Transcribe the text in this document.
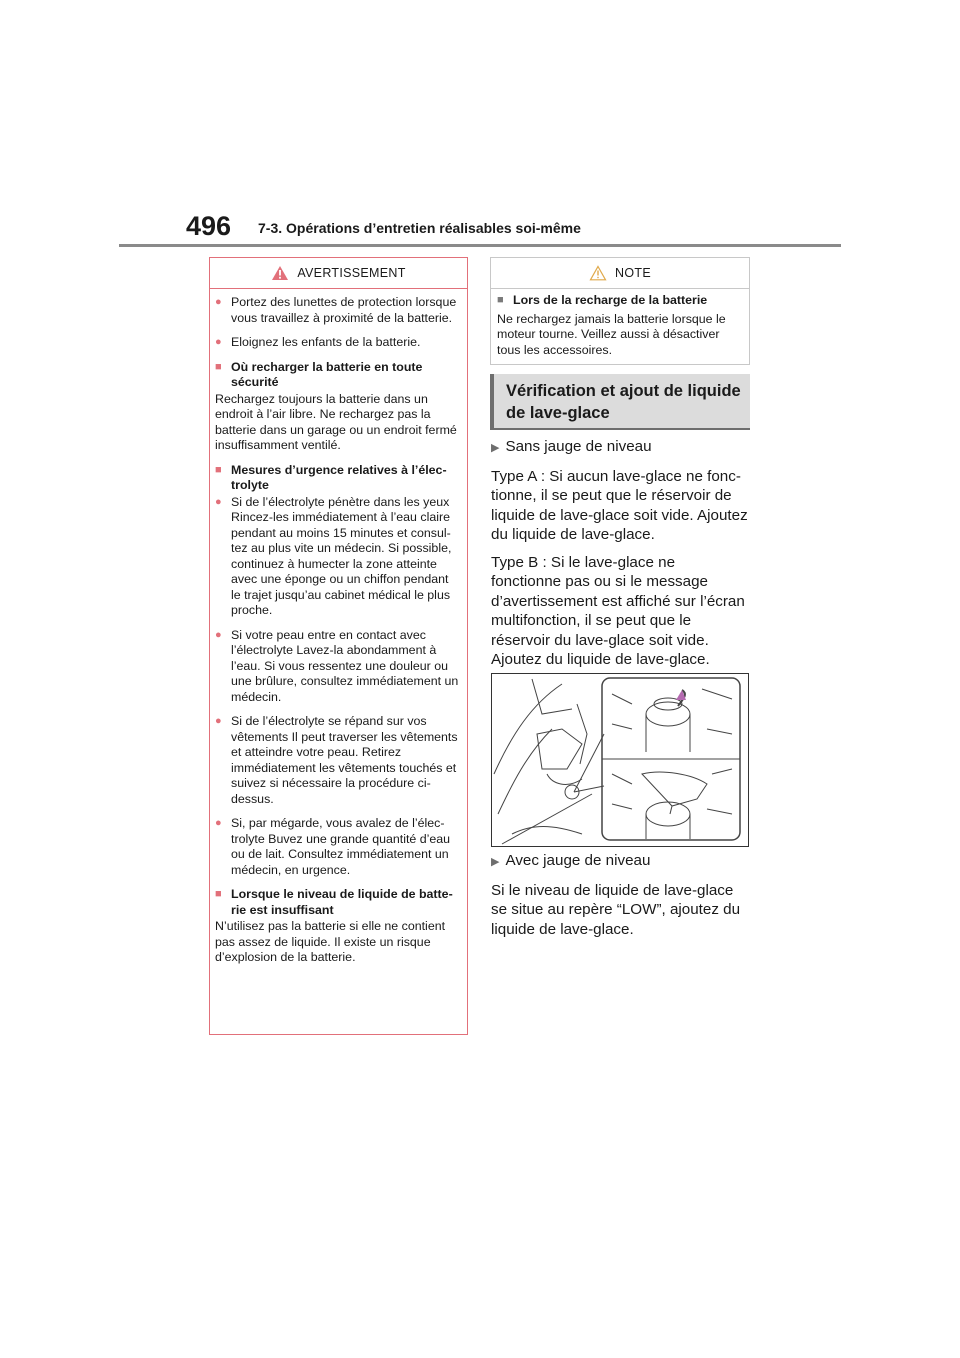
496 7-3. Opérations d’entretien réalisables soi-même
AVERTISSEMENT
● Portez des lunettes de protection lorsque vous travaillez à proximité de la batterie.
● Eloignez les enfants de la batterie.
■ Où recharger la batterie en toute sécurité

Rechargez toujours la batterie dans un endroit à l’air libre. Ne rechargez pas la batterie dans un garage ou un endroit fermé insuffisamment ventilé.

■ Mesures d’urgence relatives à l’électrolyte
● Si de l’électrolyte pénètre dans les yeux Rincez-les immédiatement à l’eau claire pendant au moins 15 minutes et consultez au plus vite un médecin. Si possible, continuez à humecter la zone atteinte avec une éponge ou un chiffon pendant le trajet jusqu’au cabinet médical le plus proche.
● Si votre peau entre en contact avec l’électrolyte Lavez-la abondamment à l’eau. Si vous ressentez une douleur ou une brûlure, consultez immédiatement un médecin.
● Si de l’électrolyte se répand sur vos vêtements Il peut traverser les vêtements et atteindre votre peau. Retirez immédiatement les vêtements touchés et suivez si nécessaire la procédure ci-dessus.
● Si, par mégarde, vous avalez de l’électrolyte Buvez une grande quantité d’eau ou de lait. Consultez immédiatement un médecin, en urgence.
■ Lorsque le niveau de liquide de batterie est insuffisant

N’utilisez pas la batterie si elle ne contient pas assez de liquide. Il existe un risque d’explosion de la batterie.

NOTE
■ Lors de la recharge de la batterie

Ne rechargez jamais la batterie lorsque le moteur tourne. Veillez aussi à désactiver tous les accessoires.

Vérification et ajout de liquide de lave-glace
▶ Sans jauge de niveau

Type A : Si aucun lave-glace ne fonctionne, il se peut que le réservoir de liquide de lave-glace soit vide. Ajoutez du liquide de lave-glace.

Type B : Si le lave-glace ne fonctionne pas ou si le message d’avertissement est affiché sur l’écran multifonction, il se peut que le réservoir du lave-glace soit vide. Ajoutez du liquide de lave-glace.

▶ Avec jauge de niveau

Si le niveau de liquide de lave-glace se situe au repère “LOW”, ajoutez du liquide de lave-glace.
